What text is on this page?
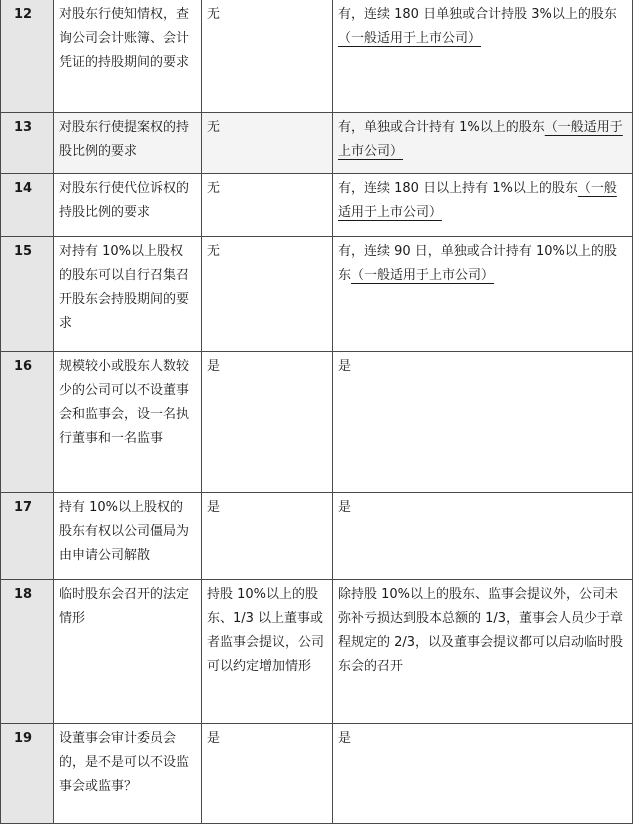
12	对股东行使知情权，查询公司会计账簿、会计凭证的持股期间的要求	无	有，连续 180 日单独或合计持股 3%以上的股东（一般适用于上市公司）
13	对股东行使提案权的持股比例的要求	无	有，单独或合计持有 1%以上的股东（一般适用于上市公司）
14	对股东行使代位诉权的持股比例的要求	无	有，连续 180 日以上持有 1%以上的股东（一般适用于上市公司）
15	对持有 10%以上股权的股东可以自行召集召开股东会持股期间的要求	无	有，连续 90 日，单独或合计持有 10%以上的股东（一般适用于上市公司）
16	规模较小或股东人数较少的公司可以不设董事会和监事会，设一名执行董事和一名监事	是	是
17	持有 10%以上股权的股东有权以公司僵局为由申请公司解散	是	是
18	临时股东会召开的法定情形	持股 10%以上的股东、1/3 以上董事或者监事会提议，公司可以约定增加情形	除持股 10%以上的股东、监事会提议外，公司未弥补亏损达到股本总额的 1/3，董事会人员少于章程规定的 2/3，以及董事会提议都可以启动临时股东会的召开
19	设董事会审计委员会的，是不是可以不设监事会或监事？	是	是
